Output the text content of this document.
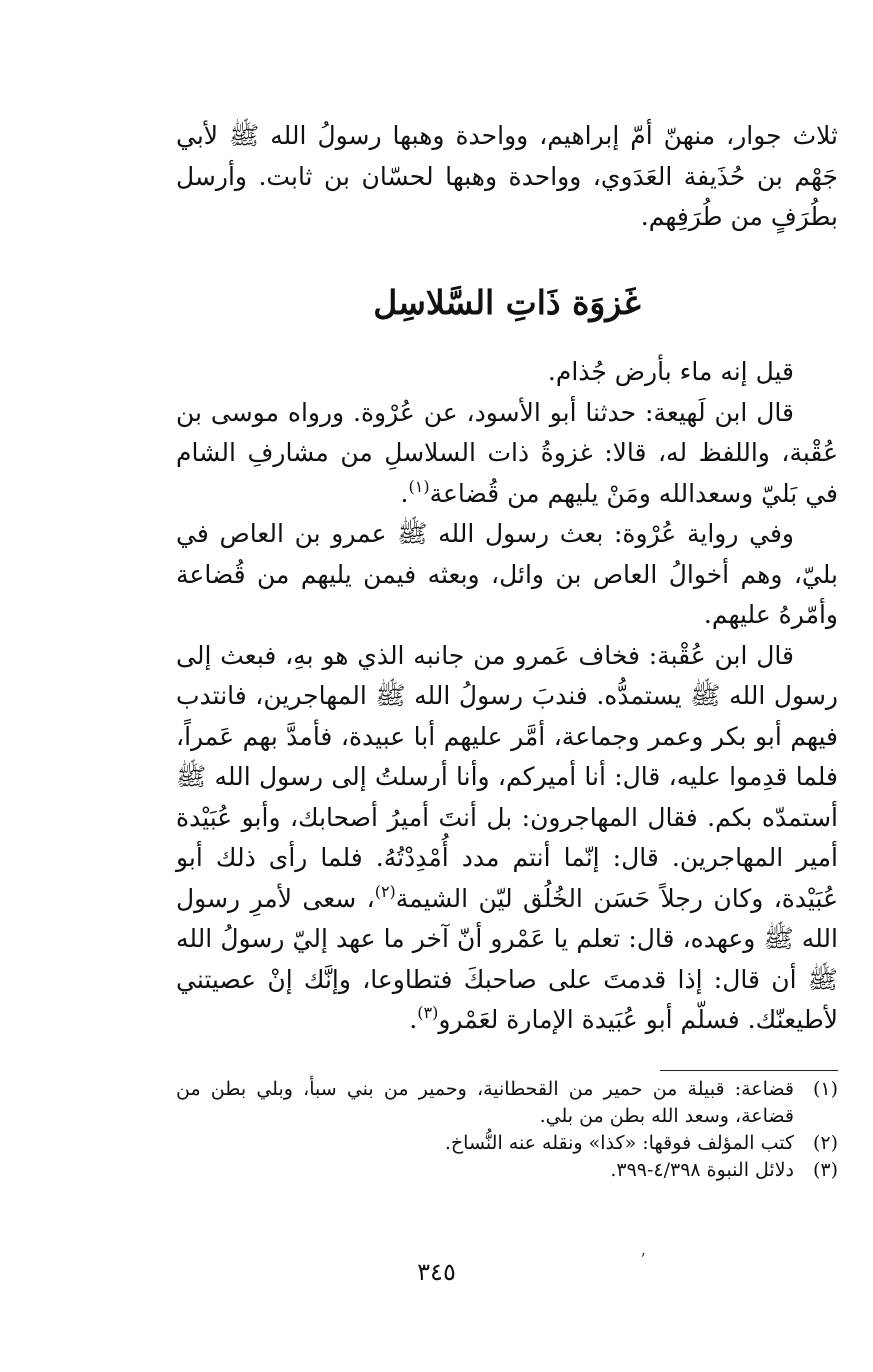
ثلاث جوار، منهنّ أمّ إبراهيم، وواحدة وهبها رسولُ الله ﷺ لأبي جَهْم بن حُذَيفة العَدَوي، وواحدة وهبها لحسّان بن ثابت. وأرسل بطُرَفٍ من طُرَفِهم.

غَزوَة ذَاتِ السَّلاسِل

قيل إنه ماء بأرض جُذام.

قال ابن لَهيعة: حدثنا أبو الأسود، عن عُرْوة. ورواه موسى بن عُقْبة، واللفظ له، قالا: غزوةُ ذات السلاسلِ من مشارفِ الشام في بَليّ وسعدالله ومَنْ يليهم من قُضاعة$^{(١)}$.

وفي رواية عُرْوة: بعث رسول الله ﷺ عمرو بن العاص في بليّ، وهم أخوالُ العاص بن وائل، وبعثه فيمن يليهم من قُضاعة وأمّرهُ عليهم.

قال ابن عُقْبة: فخاف عَمرو من جانبه الذي هو بهِ، فبعث إلى رسول الله ﷺ يستمدُّه. فندبَ رسولُ الله ﷺ المهاجرين، فانتدب فيهم أبو بكر وعمر وجماعة، أمَّر عليهم أبا عبيدة، فأمدَّ بهم عَمراً، فلما قدِموا عليه، قال: أنا أميركم، وأنا أرسلتُ إلى رسول الله ﷺ أستمدّه بكم. فقال المهاجرون: بل أنتَ أميرُ أصحابك، وأبو عُبَيْدة أمير المهاجرين. قال: إنّما أنتم مدد أُمْدِدْتُهُ. فلما رأى ذلك أبو عُبَيْدة، وكان رجلاً حَسَن الخُلُق ليّن الشيمة$^{(٢)}$، سعى لأمرِ رسول الله ﷺ وعهده، قال: تعلم يا عَمْرو أنّ آخر ما عهد إليّ رسولُ الله ﷺ أن قال: إذا قدمتَ على صاحبكَ فتطاوعا، وإنَّك إنْ عصيتني لأطيعنّك. فسلّم أبو عُبَيدة الإمارة لعَمْرو$^{(٣)}$.

(١)
قضاعة: قبيلة من حمير من القحطانية، وحمير من بني سبأ، وبلي بطن من قضاعة، وسعد الله بطن من بلي.
(٢)
كتب المؤلف فوقها: «كذا» ونقله عنه النُّساخ.
(٣)
دلائل النبوة ٤/٣٩٨-٣٩٩.
ʼ
٣٤٥
